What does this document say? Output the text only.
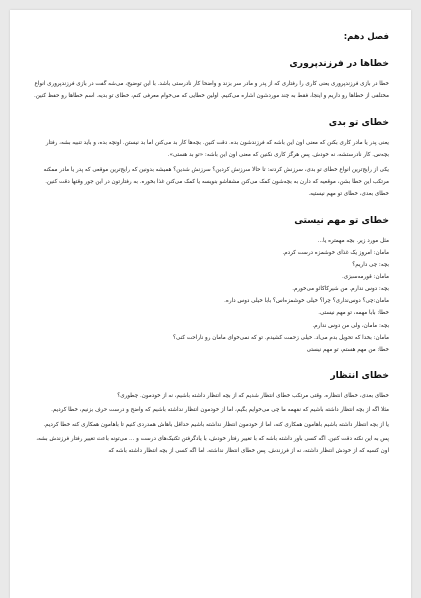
فصل دهم:
خطاها در فرزندپروری

خطا در بازی فرزندپروری یعنی کاری را رفتاری که از پدر و مادر سر بزند و واضحا کار نادرستی باشد. با این توضیح، می‌شه گفت در بازی فرزندپروری انواع مختلفی از خطاها رو داریم و اینجا، فقط به چند موردشون اشاره می‌کنیم. اولین خطایی که می‌خوام معرفی کنم، خطای تو بدیه. اسم خطاها رو حفظ کنین.

خطای تو بدی

یعنی پدر یا مادر کاری بکنن که معنی اون این باشه که فرزندشون بده. دقت کنین. بچه‌ها کار بد می‌کنن اما بد نیستن. اونچه بده، و باید تنبیه بشه، رفتار بچه‌س. کار نادرستشه، نه خودش. پس هرگز کاری نکنین که معنی اون این باشه: «تو بد هستی».

یکی از رایج‌ترین انواع خطای تو بدی، سرزنش کردنه: تا حالا سرزنش کردین؟ سرزنش شدین؟ همیشه بدونین که رایج‌ترین موقعی که پدر یا مادر ممکنه مرتکب این خطا بشن، موقعیه که دارن به بچه‌شون کمک می‌کنن مشقاشو بنویسه یا کمک می‌کنن غذا بخوره. به رفتارتون در این جور وقتها دقت کنین. خطای بعدی، خطای تو مهم نیستیه.

خطای تو مهم نیستی

مثل مورد زیر. بچه مهمتره یا...

مامان: امروز یک غذای خوشمزه درست کردم.

بچه: چی داریم؟

مامان: قورمه‌سبزی.

بچه: دوس ندارم. من شیرکاکائو می‌خورم.

مامان:چی؟ دوس‌نداری؟ چرا؟ خیلی خوشمزه‌اس؟ بابا خیلی دوس داره.

خطا: بابا مهمه، تو مهم نیستی.

بچه: مامان، ولی من دوس ندارم.

مامان: بخدا که تحویل بدم می‌اد. خیلی زحمت کشیدم. تو که نمی‌خوای مامان رو ناراحت کنی؟

خطا: من مهم هستم، تو مهم نیستی

خطای انتظار

خطای بعدی، خطای انتظاره. وقتی مرتکب خطای انتظار شدیم که از بچه انتظار داشته باشیم، نه از خودمون. چطوری؟

مثلا اگه از بچه انتظار داشته باشیم که نفهمه ما چی می‌خوایم بگیم، اما از خودمون انتظار نداشته باشیم که واضح و درست حرف بزنیم، خطا کردیم.

یا از بچه انتظار داشته باشیم باهامون همکاری کنه، اما از خودمون انتظار نداشته باشیم حداقل باهاش همدردی کنیم تا باهامون همکاری کنه خطا کردیم.

پس به این نکته دقت کنین. اگه کسی باور داشته باشه که با تغییر رفتار خودش، با یادگرفتن تکنیک‌های درست و ... می‌تونه باعث تغییر رفتار فرزندش بشه، اون کسیه که از خودش انتظار داشته، نه از فرزندش. پس خطای انتظار نداشته. اما اگه کسی از بچه انتظار داشته باشه که
